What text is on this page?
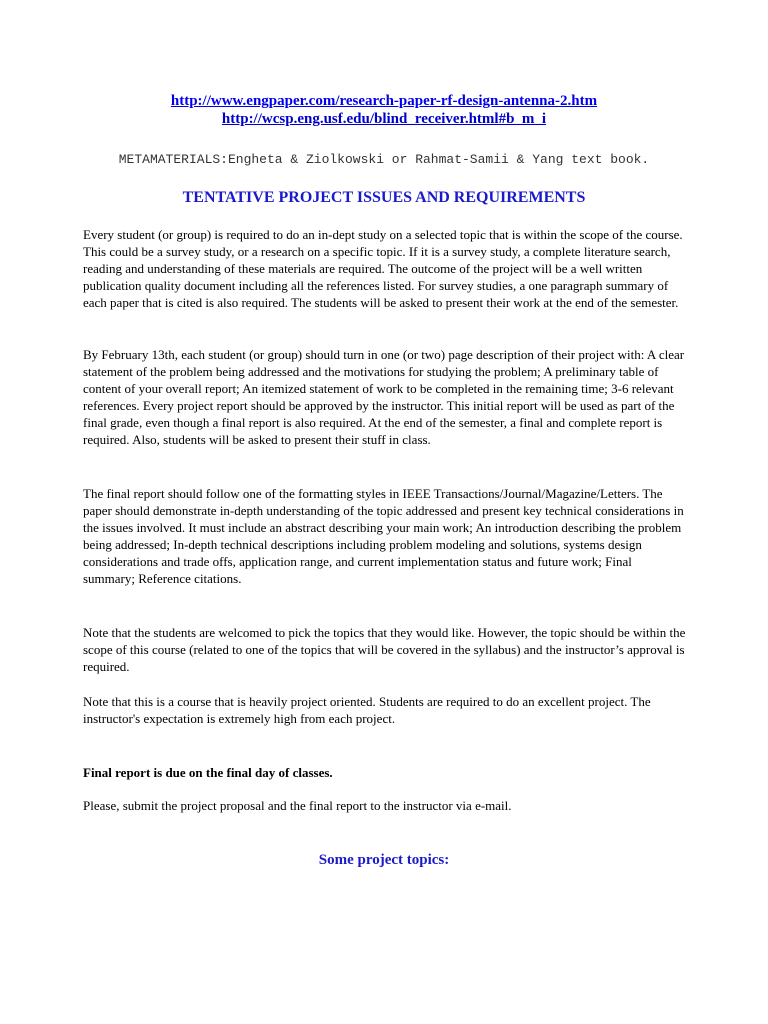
http://www.engpaper.com/research-paper-rf-design-antenna-2.htm
http://wcsp.eng.usf.edu/blind_receiver.html#b_m_i
METAMATERIALS:Engheta & Ziolkowski or Rahmat-Samii & Yang text book.
TENTATIVE PROJECT ISSUES AND REQUIREMENTS
Every student (or group) is required to do an in-dept study on a selected topic that is within the scope of the course. This could be a survey study, or a research on a specific topic. If it is a survey study, a complete literature search, reading and understanding of these materials are required. The outcome of the project will be a well written publication quality document including all the references listed. For survey studies, a one paragraph summary of each paper that is cited is also required. The students will be asked to present their work at the end of the semester.
By February 13th, each student (or group) should turn in one (or two) page description of their project with: A clear statement of the problem being addressed and the motivations for studying the problem; A preliminary table of content of your overall report; An itemized statement of work to be completed in the remaining time; 3-6 relevant references. Every project report should be approved by the instructor. This initial report will be used as part of the final grade, even though a final report is also required. At the end of the semester, a final and complete report is required. Also, students will be asked to present their stuff in class.
The final report should follow one of the formatting styles in IEEE Transactions/Journal/Magazine/Letters. The paper should demonstrate in-depth understanding of the topic addressed and present key technical considerations in the issues involved. It must include an abstract describing your main work; An introduction describing the problem being addressed; In-depth technical descriptions including problem modeling and solutions, systems design considerations and trade offs, application range, and current implementation status and future work; Final summary; Reference citations.
Note that the students are welcomed to pick the topics that they would like. However, the topic should be within the scope of this course (related to one of the topics that will be covered in the syllabus) and the instructor’s approval is required.
Note that this is a course that is heavily project oriented. Students are required to do an excellent project. The instructor's expectation is extremely high from each project.
Final report is due on the final day of classes.
Please, submit the project proposal and the final report to the instructor via e-mail.
Some project topics:
